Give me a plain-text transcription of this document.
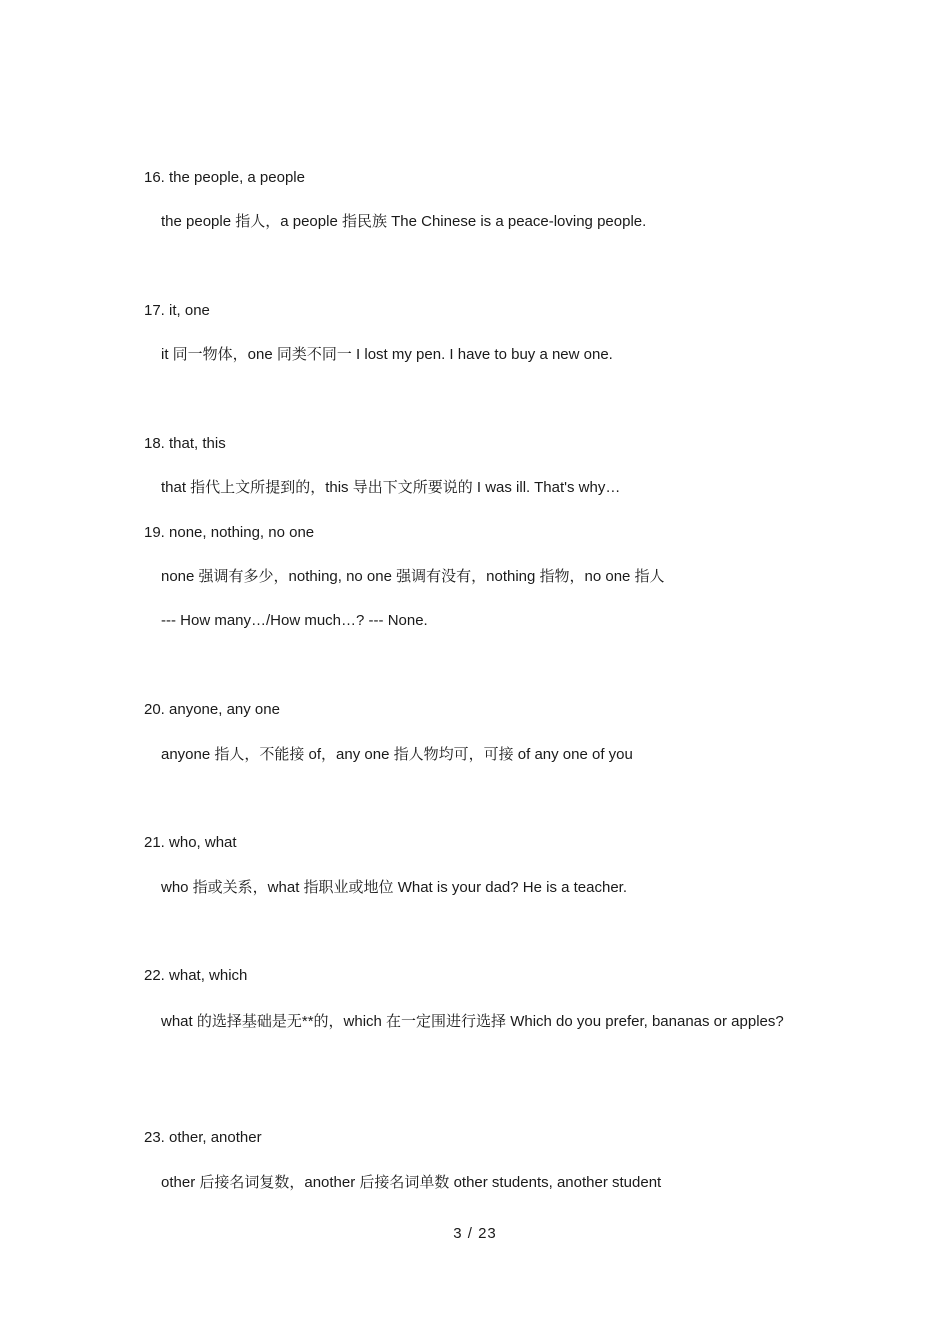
16. the people, a people
the people 指人，a people 指民族 The Chinese is a peace-loving people.
17. it, one
it 同一物体，one 同类不同一 I lost my pen. I have to buy a new one.
18. that, this
that 指代上文所提到的，this 导出下文所要说的 I was ill. That's why…
19. none, nothing, no one
none 强调有多少，nothing, no one 强调有没有，nothing 指物，no one 指人
--- How many…/How much…? --- None.
20. anyone, any one
anyone 指人，不能接 of，any one 指人物均可，可接 of any one of you
21. who, what
who 指或关系，what 指职业或地位 What is your dad? He is a teacher.
22. what, which
what 的选择基础是无**的，which 在一定围进行选择 Which do you prefer, bananas or apples?
23. other, another
other 后接名词复数，another 后接名词单数 other students, another student
3 / 23
